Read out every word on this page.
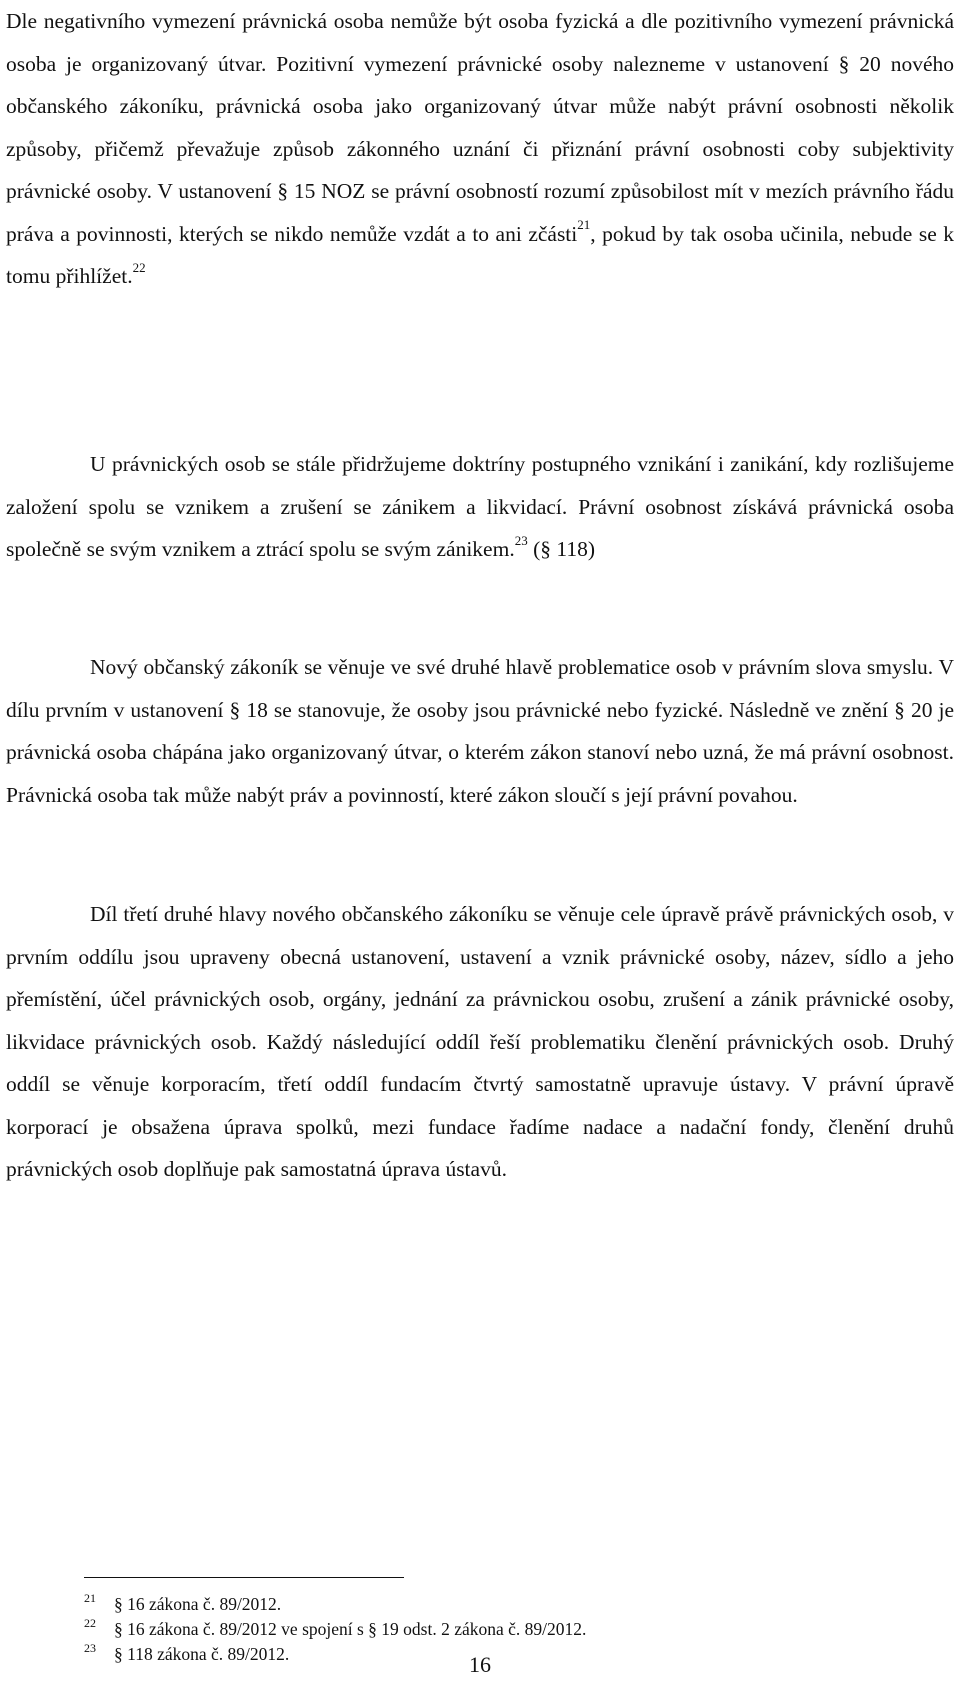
Dle negativního vymezení právnická osoba nemůže být osoba fyzická a dle pozitivního vymezení právnická osoba je organizovaný útvar. Pozitivní vymezení právnické osoby nalezneme v ustanovení § 20 nového občanského zákoníku, právnická osoba jako organizovaný útvar může nabýt právní osobnosti několik způsoby, přičemž převažuje způsob zákonného uznání či přiznání právní osobnosti coby subjektivity právnické osoby. V ustanovení § 15 NOZ se právní osobností rozumí způsobilost mít v mezích právního řádu práva a povinnosti, kterých se nikdo nemůže vzdát a to ani zčásti$^{21}$, pokud by tak osoba učinila, nebude se k tomu přihlížet.$^{22}$

U právnických osob se stále přidržujeme doktríny postupného vznikání i zanikání, kdy rozlišujeme založení spolu se vznikem a zrušení se zánikem a likvidací. Právní osobnost získává právnická osoba společně se svým vznikem a ztrácí spolu se svým zánikem.$^{23}$ (§ 118)

Nový občanský zákoník se věnuje ve své druhé hlavě problematice osob v právním slova smyslu. V dílu prvním v ustanovení § 18 se stanovuje, že osoby jsou právnické nebo fyzické. Následně ve znění § 20 je právnická osoba chápána jako organizovaný útvar, o kterém zákon stanoví nebo uzná, že má právní osobnost. Právnická osoba tak může nabýt práv a povinností, které zákon sloučí s její právní povahou.

Díl třetí druhé hlavy nového občanského zákoníku se věnuje cele úpravě právě právnických osob, v prvním oddílu jsou upraveny obecná ustanovení, ustavení a vznik právnické osoby, název, sídlo a jeho přemístění, účel právnických osob, orgány, jednání za právnickou osobu, zrušení a zánik právnické osoby, likvidace právnických osob. Každý následující oddíl řeší problematiku členění právnických osob. Druhý oddíl se věnuje korporacím, třetí oddíl fundacím čtvrtý samostatně upravuje ústavy. V právní úpravě korporací je obsažena úprava spolků, mezi fundace řadíme nadace a nadační fondy, členění druhů právnických osob doplňuje pak samostatná úprava ústavů.

21 § 16 zákona č. 89/2012.
22 § 16 zákona č. 89/2012 ve spojení s § 19 odst. 2 zákona č. 89/2012.
23 § 118 zákona č. 89/2012.	16
